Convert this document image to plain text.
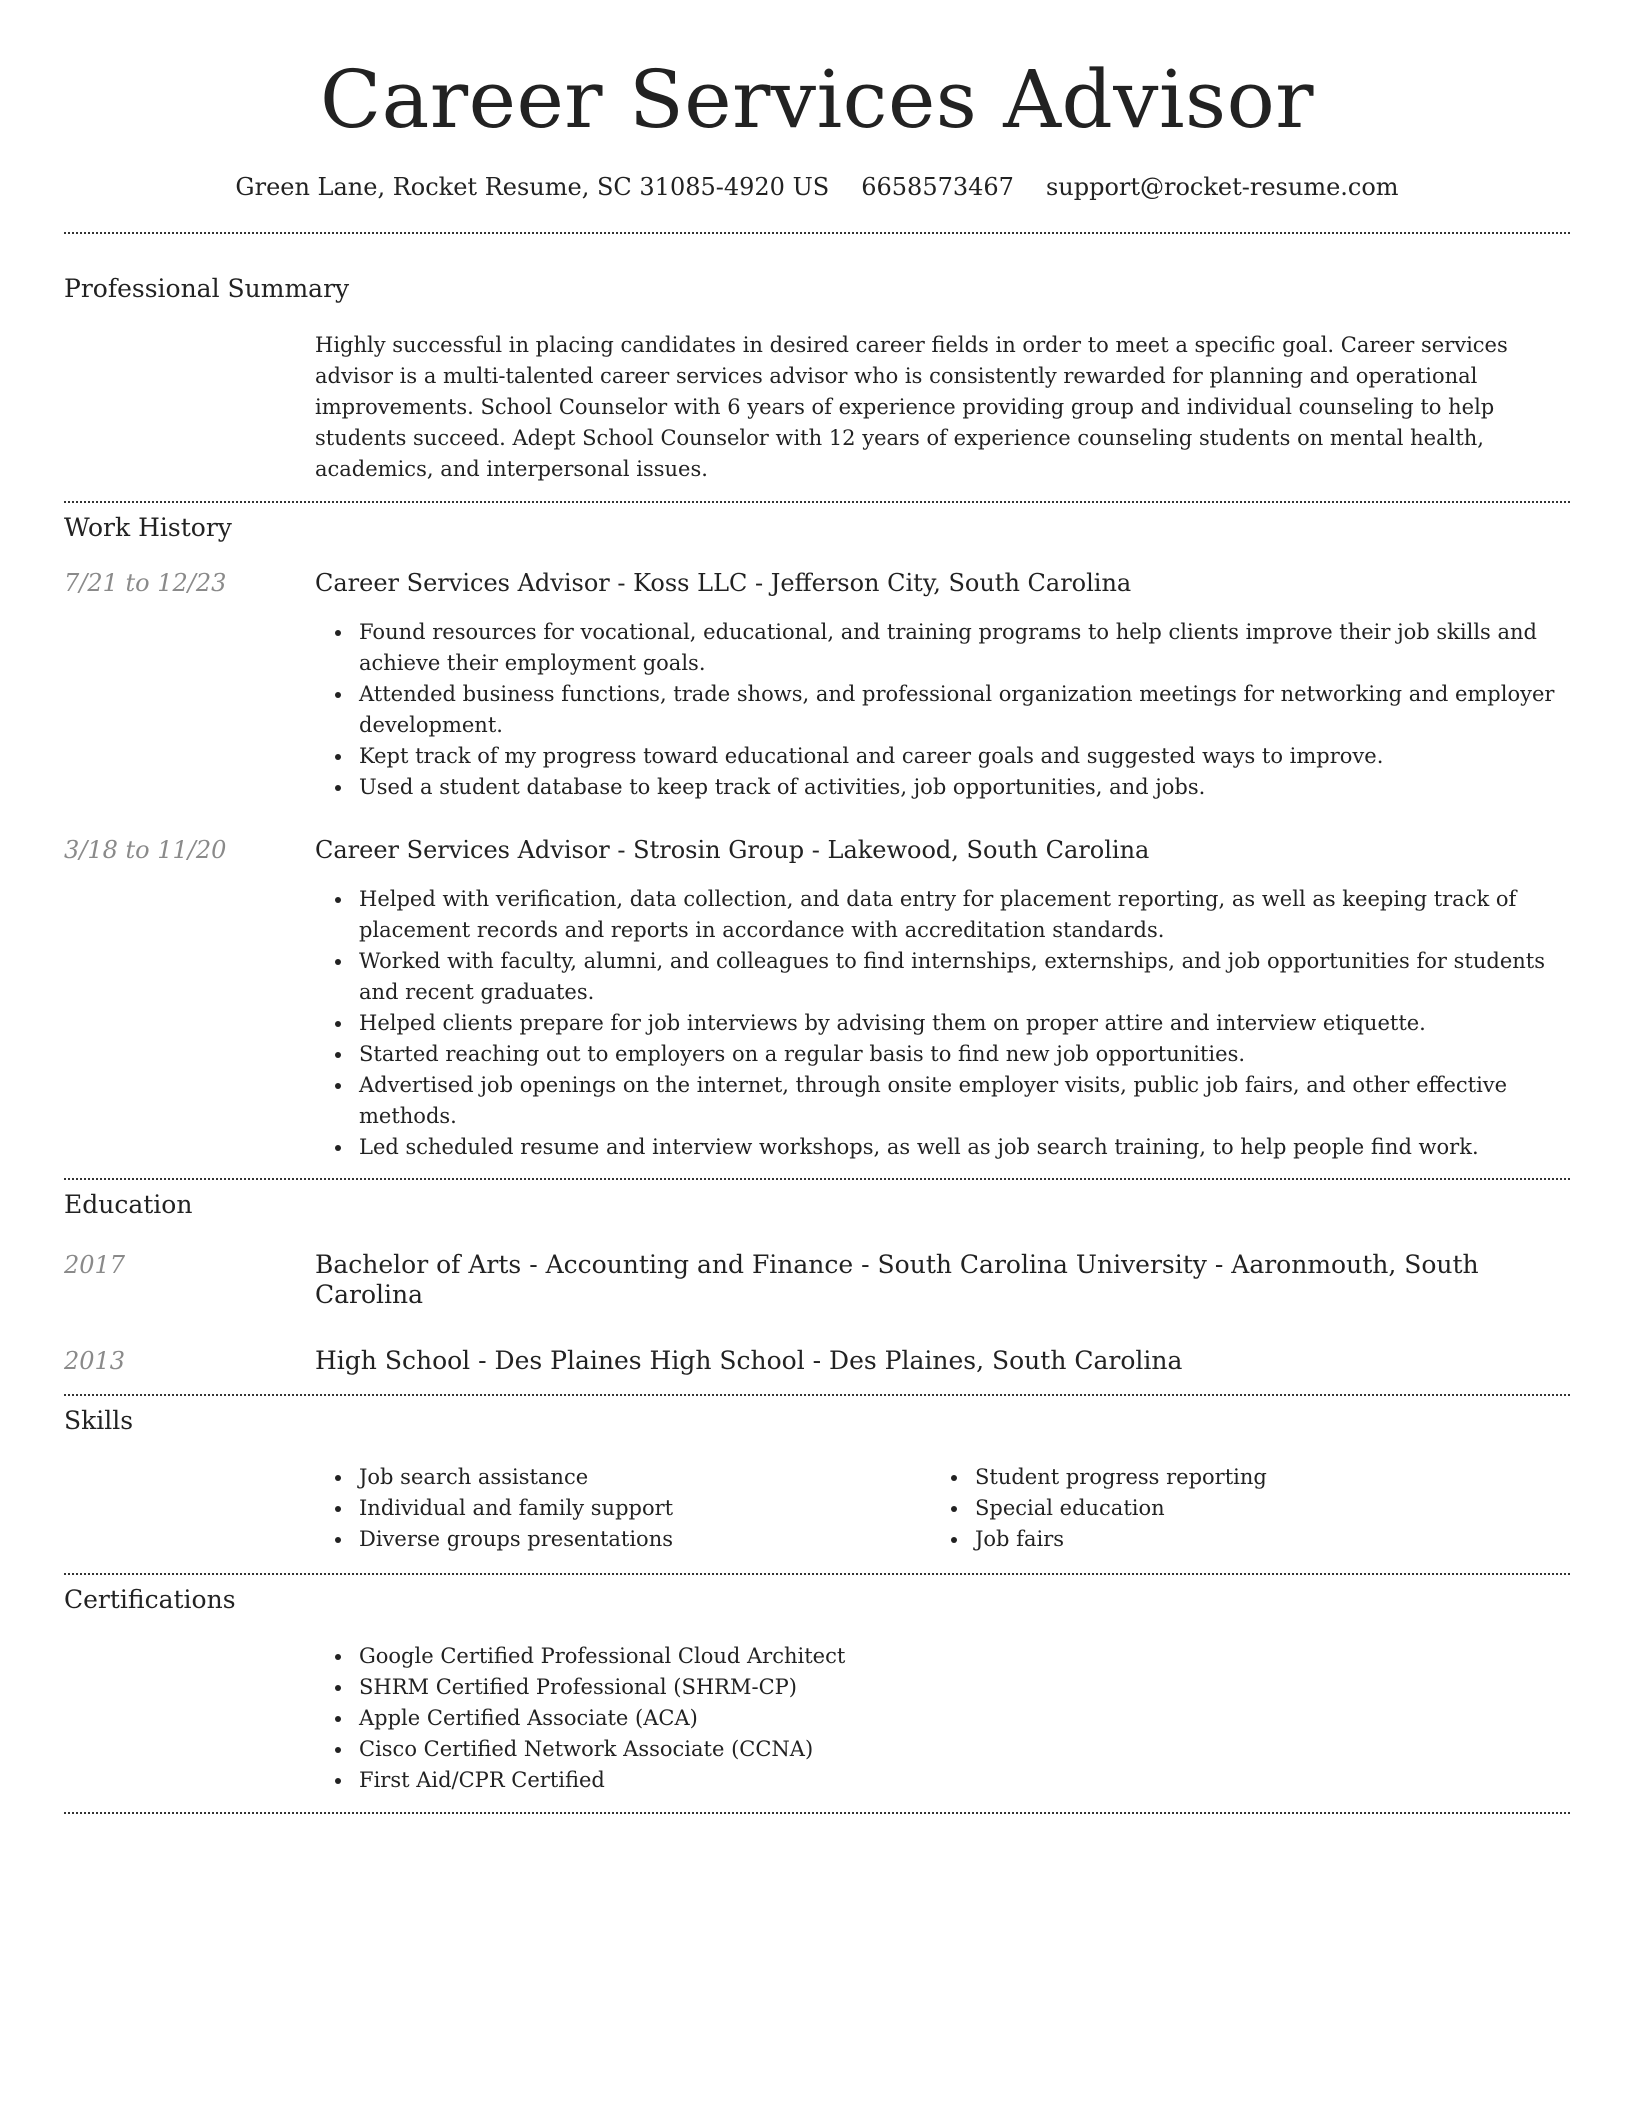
Career Services Advisor
Green Lane, Rocket Resume, SC 31085-4920 US 6658573467 support@rocket-resume.com
Professional Summary

Highly successful in placing candidates in desired career fields in order to meet a specific goal. Career services advisor is a multi-talented career services advisor who is consistently rewarded for planning and operational improvements. School Counselor with 6 years of experience providing group and individual counseling to help students succeed. Adept School Counselor with 12 years of experience counseling students on mental health, academics, and interpersonal issues.

Work History
7/21 to 12/23	Career Services Advisor - Koss LLC - Jefferson City, South Carolina
Found resources for vocational, educational, and training programs to help clients improve their job skills and achieve their employment goals.
Attended business functions, trade shows, and professional organization meetings for networking and employer development.
Kept track of my progress toward educational and career goals and suggested ways to improve.
Used a student database to keep track of activities, job opportunities, and jobs.
3/18 to 11/20	Career Services Advisor - Strosin Group - Lakewood, South Carolina
Helped with verification, data collection, and data entry for placement reporting, as well as keeping track of placement records and reports in accordance with accreditation standards.
Worked with faculty, alumni, and colleagues to find internships, externships, and job opportunities for students and recent graduates.
Helped clients prepare for job interviews by advising them on proper attire and interview etiquette.
Started reaching out to employers on a regular basis to find new job opportunities.
Advertised job openings on the internet, through onsite employer visits, public job fairs, and other effective methods.
Led scheduled resume and interview workshops, as well as job search training, to help people find work.
Education
2017	Bachelor of Arts - Accounting and Finance - South Carolina University - Aaronmouth, South Carolina
2013	High School - Des Plaines High School - Des Plaines, South Carolina
Skills
Job search assistance
Individual and family support
Diverse groups presentations
Student progress reporting
Special education
Job fairs
Certifications
Google Certified Professional Cloud Architect
SHRM Certified Professional (SHRM-CP)
Apple Certified Associate (ACA)
Cisco Certified Network Associate (CCNA)
First Aid/CPR Certified
